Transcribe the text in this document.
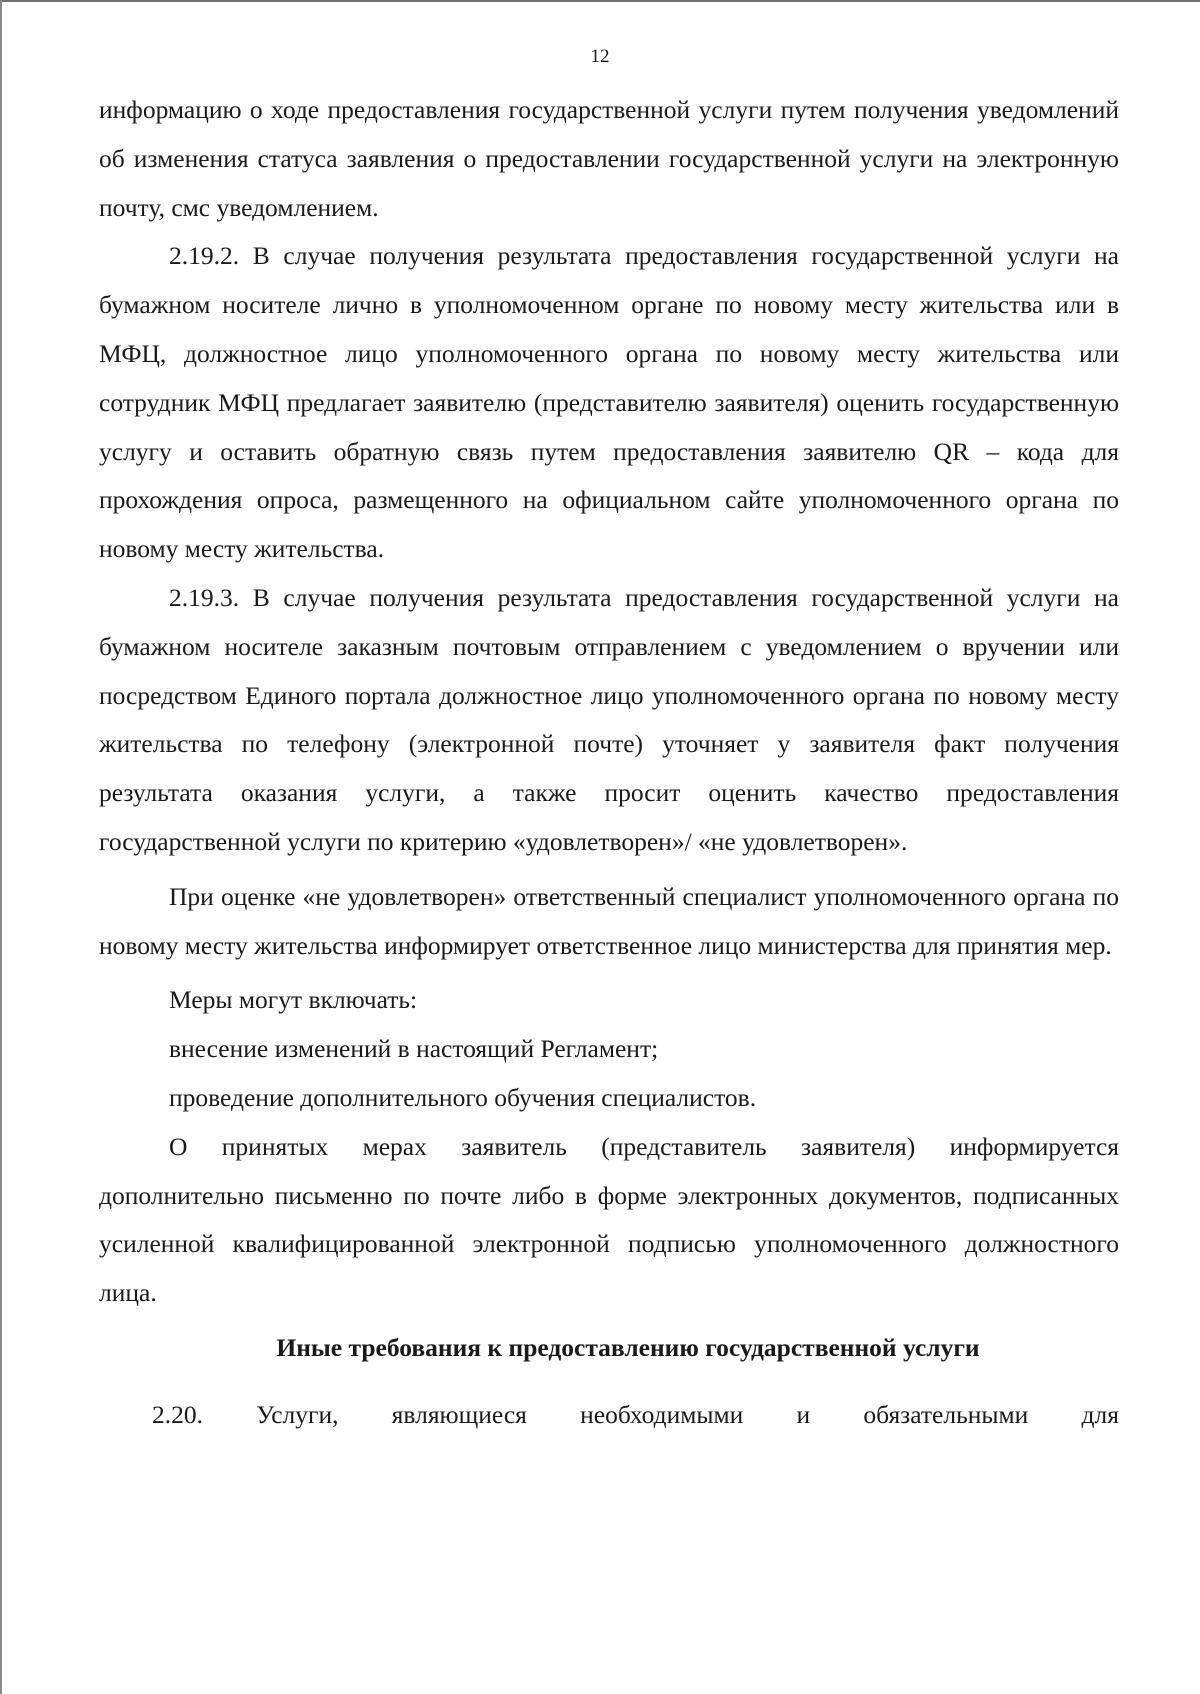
12

информацию о ходе предоставления государственной услуги путем получения уведомлений об изменения статуса заявления о предоставлении государственной услуги на электронную почту, смс уведомлением.

2.19.2. В случае получения результата предоставления государственной услуги на бумажном носителе лично в уполномоченном органе по новому месту жительства или в МФЦ, должностное лицо уполномоченного органа по новому месту жительства или сотрудник МФЦ предлагает заявителю (представителю заявителя) оценить государственную услугу и оставить обратную связь путем предоставления заявителю QR – кода для прохождения опроса, размещенного на официальном сайте уполномоченного органа по новому месту жительства.

2.19.3. В случае получения результата предоставления государственной услуги на бумажном носителе заказным почтовым отправлением с уведомлением о вручении или посредством Единого портала должностное лицо уполномоченного органа по новому месту жительства по телефону (электронной почте) уточняет у заявителя факт получения результата оказания услуги, а также просит оценить качество предоставления государственной услуги по критерию «удовлетворен»/ «не удовлетворен».

При оценке «не удовлетворен» ответственный специалист уполномоченного органа по новому месту жительства информирует ответственное лицо министерства для принятия мер.

Меры могут включать:

внесение изменений в настоящий Регламент;

проведение дополнительного обучения специалистов.

О принятых мерах заявитель (представитель заявителя) информируется дополнительно письменно по почте либо в форме электронных документов, подписанных усиленной квалифицированной электронной подписью уполномоченного должностного лица.

Иные требования к предоставлению государственной услуги

2.20. Услуги, являющиеся необходимыми и обязательными для
